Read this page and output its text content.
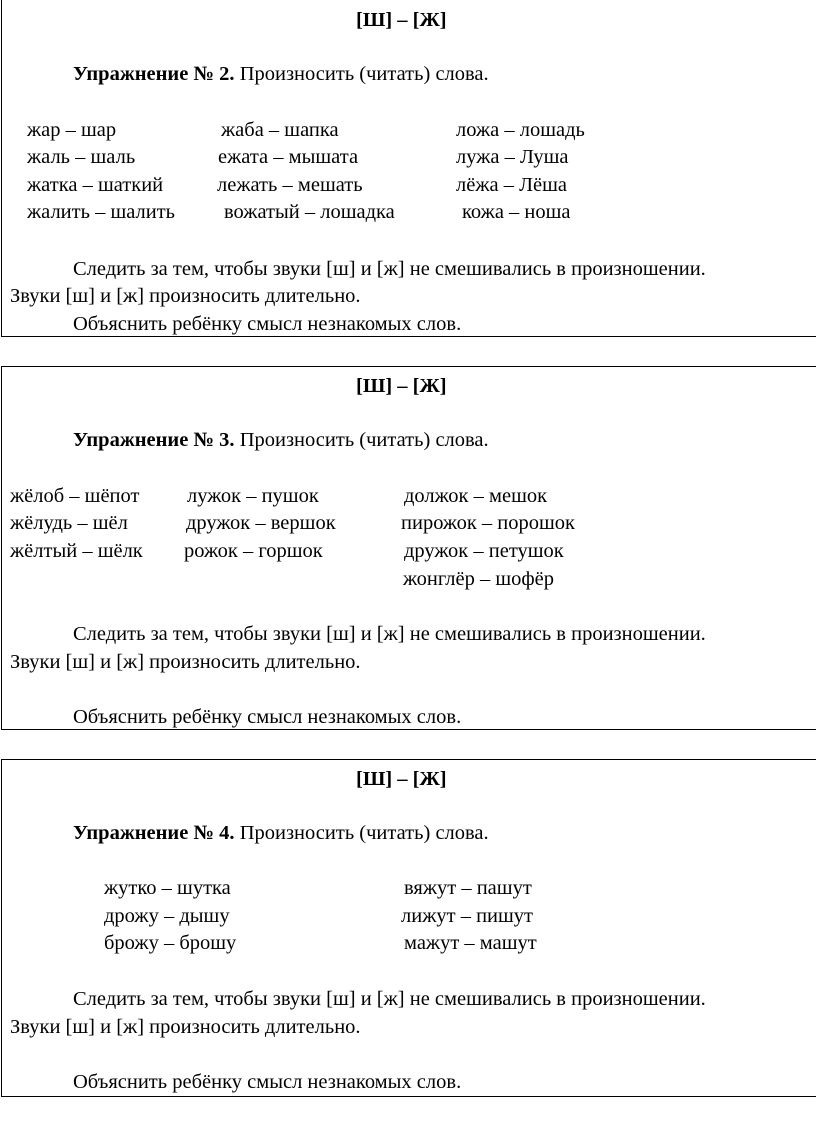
[Ш] – [Ж]
Упражнение № 2. Произносить (читать) слова.
жар – шар
жаль – шаль
жатка – шаткий
жалить – шалить
жаба – шапка
ежата – мышата
лежать – мешать
вожатый – лошадка
ложа – лошадь
лужа – Луша
лёжа – Лёша
кожа – ноша
Следить за тем, чтобы звуки [ш] и [ж] не смешивались в произношении.
Звуки [ш] и [ж] произносить длительно.
Объяснить ребёнку смысл незнакомых слов.
[Ш] – [Ж]
Упражнение № 3. Произносить (читать) слова.
жёлоб – шёпот
жёлудь – шёл
жёлтый – шёлк
лужок – пушок
дружок – вершок
рожок – горшок
должок – мешок
пирожок – порошок
дружок – петушок
жонглёр – шофёр
Следить за тем, чтобы звуки [ш] и [ж] не смешивались в произношении.
Звуки [ш] и [ж] произносить длительно.
Объяснить ребёнку смысл незнакомых слов.
[Ш] – [Ж]
Упражнение № 4. Произносить (читать) слова.
жутко – шутка
дрожу – дышу
брожу – брошу
вяжут – пашут
лижут – пишут
мажут – машут
Следить за тем, чтобы звуки [ш] и [ж] не смешивались в произношении.
Звуки [ш] и [ж] произносить длительно.
Объяснить ребёнку смысл незнакомых слов.
